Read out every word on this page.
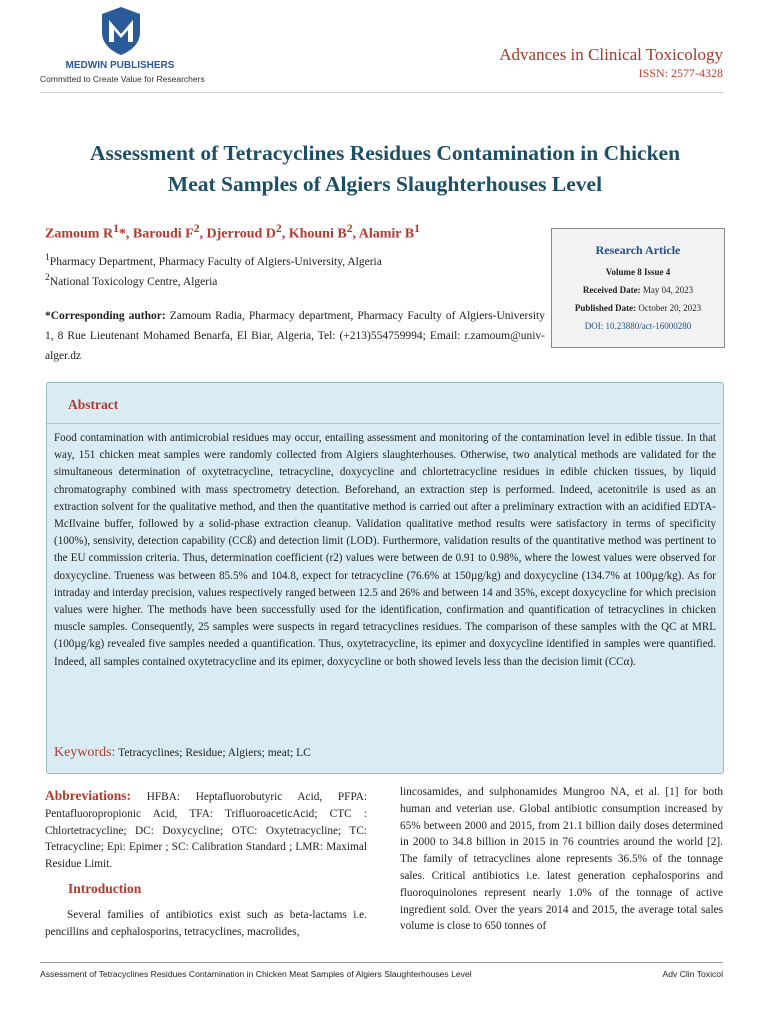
MEDWIN PUBLISHERS
Committed to Create Value for Researchers
Advances in Clinical Toxicology
ISSN: 2577-4328
Assessment of Tetracyclines Residues Contamination in Chicken
Meat Samples of Algiers Slaughterhouses Level
Zamoum $R^1*$, Baroudi $F^2$, Djerroud $D^2$, Khouni $B^2$, Alamir $B^1$
$^1$Pharmacy Department, Pharmacy Faculty of Algiers-University, Algeria
$^2$National Toxicology Centre, Algeria
*Corresponding author: Zamoum Radia, Pharmacy department, Pharmacy Faculty of Algiers-University 1, 8 Rue Lieutenant Mohamed Benarfa, El Biar, Algeria, Tel: (+213)554759994; Email: r.zamoum@univ-alger.dz
Research Article
Volume 8 Issue 4
Received Date: May 04, 2023
Published Date: October 20, 2023
DOI: 10.23880/act-16000280
Abstract
Food contamination with antimicrobial residues may occur, entailing assessment and monitoring of the contamination level in edible tissue. In that way, 151 chicken meat samples were randomly collected from Algiers slaughterhouses. Otherwise, two analytical methods are validated for the simultaneous determination of oxytetracycline, tetracycline, doxycycline and chlortetracycline residues in edible chicken tissues, by liquid chromatography combined with mass spectrometry detection. Beforehand, an extraction step is performed. Indeed, acetonitrile is used as an extraction solvent for the qualitative method, and then the quantitative method is carried out after a preliminary extraction with an acidified EDTA-McIlvaine buffer, followed by a solid-phase extraction cleanup. Validation qualitative method results were satisfactory in terms of specificity (100%), sensivity, detection capability (CCß) and detection limit (LOD). Furthermore, validation results of the quantitative method was pertinent to the EU commission criteria. Thus, determination coefficient (r2) values were between de 0.91 to 0.98%, where the lowest values were observed for doxycycline. Trueness was between 85.5% and 104.8, expect for tetracycline (76.6% at 150µg/kg) and doxycycline (134.7% at 100µg/kg). As for intraday and interday precision, values respectively ranged between 12.5 and 26% and between 14 and 35%, except doxycycline for which precision values were higher. The methods have been successfully used for the identification, confirmation and quantification of tetracyclines in chicken muscle samples. Consequently, 25 samples were suspects in regard tetracyclines residues. The comparison of these samples with the QC at MRL (100µg/kg) revealed five samples needed a quantification. Thus, oxytetracycline, its epimer and doxycycline identified in samples were quantified. Indeed, all samples contained oxytetracycline and its epimer, doxycycline or both showed levels less than the decision limit (CCα).
Keywords: Tetracyclines; Residue; Algiers; meat; LC
Abbreviations: HFBA: Heptafluorobutyric Acid, PFPA: Pentafluoropropionic Acid, TFA: TrifluoroaceticAcid; CTC : Chlortetracycline; DC: Doxycycline; OTC: Oxytetracycline; TC: Tetracycline; Epi: Epimer ; SC: Calibration Standard ; LMR: Maximal Residue Limit.
Introduction
Several families of antibiotics exist such as beta-lactams i.e. pencillins and cephalosporins, tetracyclines, macrolides,
lincosamides, and sulphonamides Mungroo NA, et al. [1] for both human and veterian use. Global antibiotic consumption increased by 65% between 2000 and 2015, from 21.1 billion daily doses determined in 2000 to 34.8 billion in 2015 in 76 countries around the world [2]. The family of tetracyclines alone represents 36.5% of the tonnage sales. Critical antibiotics i.e. latest generation cephalosporins and fluoroquinolones represent nearly 1.0% of the tonnage of active ingredient sold. Over the years 2014 and 2015, the average total sales volume is close to 650 tonnes of
Assessment of Tetracyclines Residues Contamination in Chicken Meat Samples of Algiers Slaughterhouses Level	Adv Clin Toxicol
